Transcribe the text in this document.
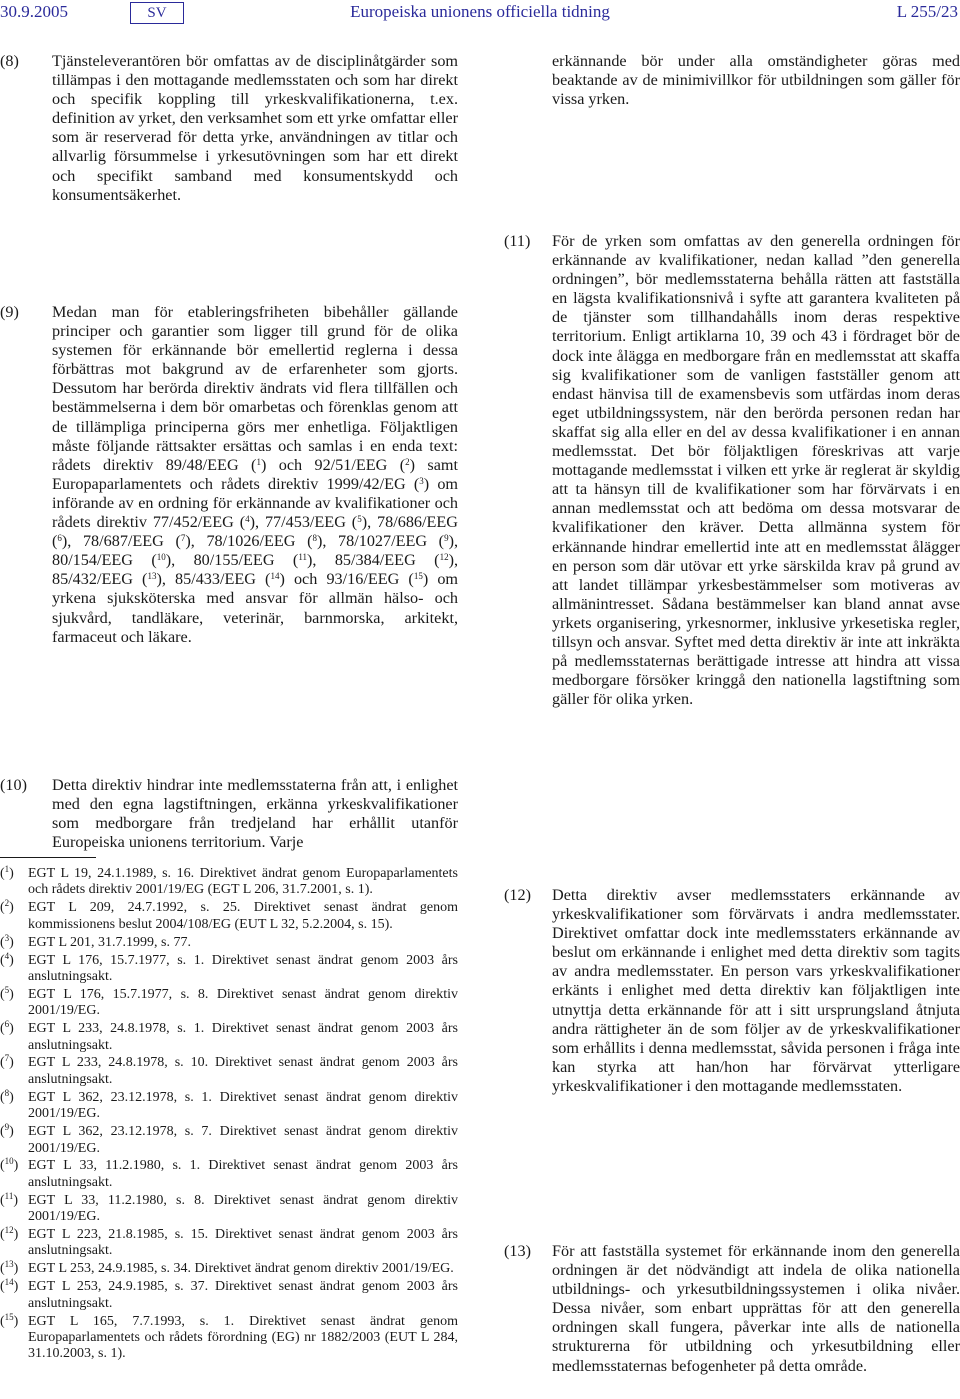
30.9.2005	SV	Europeiska unionens officiella tidning	L 255/23
(8) Tjänsteleverantören bör omfattas av de disciplinåtgärder som tillämpas i den mottagande medlemsstaten och som har direkt och specifik koppling till yrkeskvalifikationerna, t.ex. definition av yrket, den verksamhet som ett yrke omfattar eller som är reserverad för detta yrke, användningen av titlar och allvarlig försummelse i yrkesutövningen som har ett direkt och specifikt samband med konsumentskydd och konsumentsäkerhet.
(9) Medan man för etableringsfriheten bibehåller gällande principer och garantier som ligger till grund för de olika systemen för erkännande bör emellertid reglerna i dessa förbättras mot bakgrund av de erfarenheter som gjorts. Dessutom har berörda direktiv ändrats vid flera tillfällen och bestämmelserna i dem bör omarbetas och förenklas genom att de tillämpliga principerna görs mer enhetliga. Följaktligen måste följande rättsakter ersättas och samlas i en enda text: rådets direktiv 89/48/EEG ($^1$) och 92/51/EEG ($^2$) samt Europaparlamentets och rådets direktiv 1999/42/EG ($^3$) om införande av en ordning för erkännande av kvalifikationer och rådets direktiv 77/452/EEG ($^4$), 77/453/EEG ($^5$), 78/686/EEG ($^6$), 78/687/EEG ($^7$), 78/1026/EEG ($^8$), 78/1027/EEG ($^9$), 80/154/EEG ($^{10}$), 80/155/EEG ($^{11}$), 85/384/EEG ($^{12}$), 85/432/EEG ($^{13}$), 85/433/EEG ($^{14}$) och 93/16/EEG ($^{15}$) om yrkena sjuksköterska med ansvar för allmän hälso- och sjukvård, tandläkare, veterinär, barnmorska, arkitekt, farmaceut och läkare.
(10) Detta direktiv hindrar inte medlemsstaterna från att, i enlighet med den egna lagstiftningen, erkänna yrkeskvalifikationer som medborgare från tredjeland har erhållit utanför Europeiska unionens territorium. Varje
($^1$) EGT L 19, 24.1.1989, s. 16. Direktivet ändrat genom Europaparlamentets och rådets direktiv 2001/19/EG (EGT L 206, 31.7.2001, s. 1).
($^2$) EGT L 209, 24.7.1992, s. 25. Direktivet senast ändrat genom kommissionens beslut 2004/108/EG (EUT L 32, 5.2.2004, s. 15).
($^3$) EGT L 201, 31.7.1999, s. 77.
($^4$) EGT L 176, 15.7.1977, s. 1. Direktivet senast ändrat genom 2003 års anslutningsakt.
($^5$) EGT L 176, 15.7.1977, s. 8. Direktivet senast ändrat genom direktiv 2001/19/EG.
($^6$) EGT L 233, 24.8.1978, s. 1. Direktivet senast ändrat genom 2003 års anslutningsakt.
($^7$) EGT L 233, 24.8.1978, s. 10. Direktivet senast ändrat genom 2003 års anslutningsakt.
($^8$) EGT L 362, 23.12.1978, s. 1. Direktivet senast ändrat genom direktiv 2001/19/EG.
($^9$) EGT L 362, 23.12.1978, s. 7. Direktivet senast ändrat genom direktiv 2001/19/EG.
($^{10}$) EGT L 33, 11.2.1980, s. 1. Direktivet senast ändrat genom 2003 års anslutningsakt.
($^{11}$) EGT L 33, 11.2.1980, s. 8. Direktivet senast ändrat genom direktiv 2001/19/EG.
($^{12}$) EGT L 223, 21.8.1985, s. 15. Direktivet senast ändrat genom 2003 års anslutningsakt.
($^{13}$) EGT L 253, 24.9.1985, s. 34. Direktivet ändrat genom direktiv 2001/19/EG.
($^{14}$) EGT L 253, 24.9.1985, s. 37. Direktivet senast ändrat genom 2003 års anslutningsakt.
($^{15}$) EGT L 165, 7.7.1993, s. 1. Direktivet senast ändrat genom Europaparlamentets och rådets förordning (EG) nr 1882/2003 (EUT L 284, 31.10.2003, s. 1).
erkännande bör under alla omständigheter göras med beaktande av de minimivillkor för utbildningen som gäller för vissa yrken.
(11) För de yrken som omfattas av den generella ordningen för erkännande av kvalifikationer, nedan kallad ”den generella ordningen”, bör medlemsstaterna behålla rätten att fastställa en lägsta kvalifikationsnivå i syfte att garantera kvaliteten på de tjänster som tillhandahålls inom deras respektive territorium. Enligt artiklarna 10, 39 och 43 i fördraget bör de dock inte ålägga en medborgare från en medlemsstat att skaffa sig kvalifikationer som de vanligen fastställer genom att endast hänvisa till de examensbevis som utfärdas inom deras eget utbildningssystem, när den berörda personen redan har skaffat sig alla eller en del av dessa kvalifikationer i en annan medlemsstat. Det bör följaktligen föreskrivas att varje mottagande medlemsstat i vilken ett yrke är reglerat är skyldig att ta hänsyn till de kvalifikationer som har förvärvats i en annan medlemsstat och att bedöma om dessa motsvarar de kvalifikationer den kräver. Detta allmänna system för erkännande hindrar emellertid inte att en medlemsstat ålägger en person som där utövar ett yrke särskilda krav på grund av att landet tillämpar yrkesbestämmelser som motiveras av allmänintresset. Sådana bestämmelser kan bland annat avse yrkets organisering, yrkesnormer, inklusive yrkesetiska regler, tillsyn och ansvar. Syftet med detta direktiv är inte att inkräkta på medlemsstaternas berättigade intresse att hindra att vissa medborgare försöker kringgå den nationella lagstiftning som gäller för olika yrken.
(12) Detta direktiv avser medlemsstaters erkännande av yrkeskvalifikationer som förvärvats i andra medlemsstater. Direktivet omfattar dock inte medlemsstaters erkännande av beslut om erkännande i enlighet med detta direktiv som tagits av andra medlemsstater. En person vars yrkeskvalifikationer erkänts i enlighet med detta direktiv kan följaktligen inte utnyttja detta erkännande för att i sitt ursprungsland åtnjuta andra rättigheter än de som följer av de yrkeskvalifikationer som erhållits i denna medlemsstat, såvida personen i fråga inte kan styrka att han/hon har förvärvat ytterligare yrkeskvalifikationer i den mottagande medlemsstaten.
(13) För att fastställa systemet för erkännande inom den generella ordningen är det nödvändigt att indela de olika nationella utbildnings- och yrkesutbildningssystemen i olika nivåer. Dessa nivåer, som enbart upprättas för att den generella ordningen skall fungera, påverkar inte alls de nationella strukturerna för utbildning och yrkesutbildning eller medlemsstaternas befogenheter på detta område.
